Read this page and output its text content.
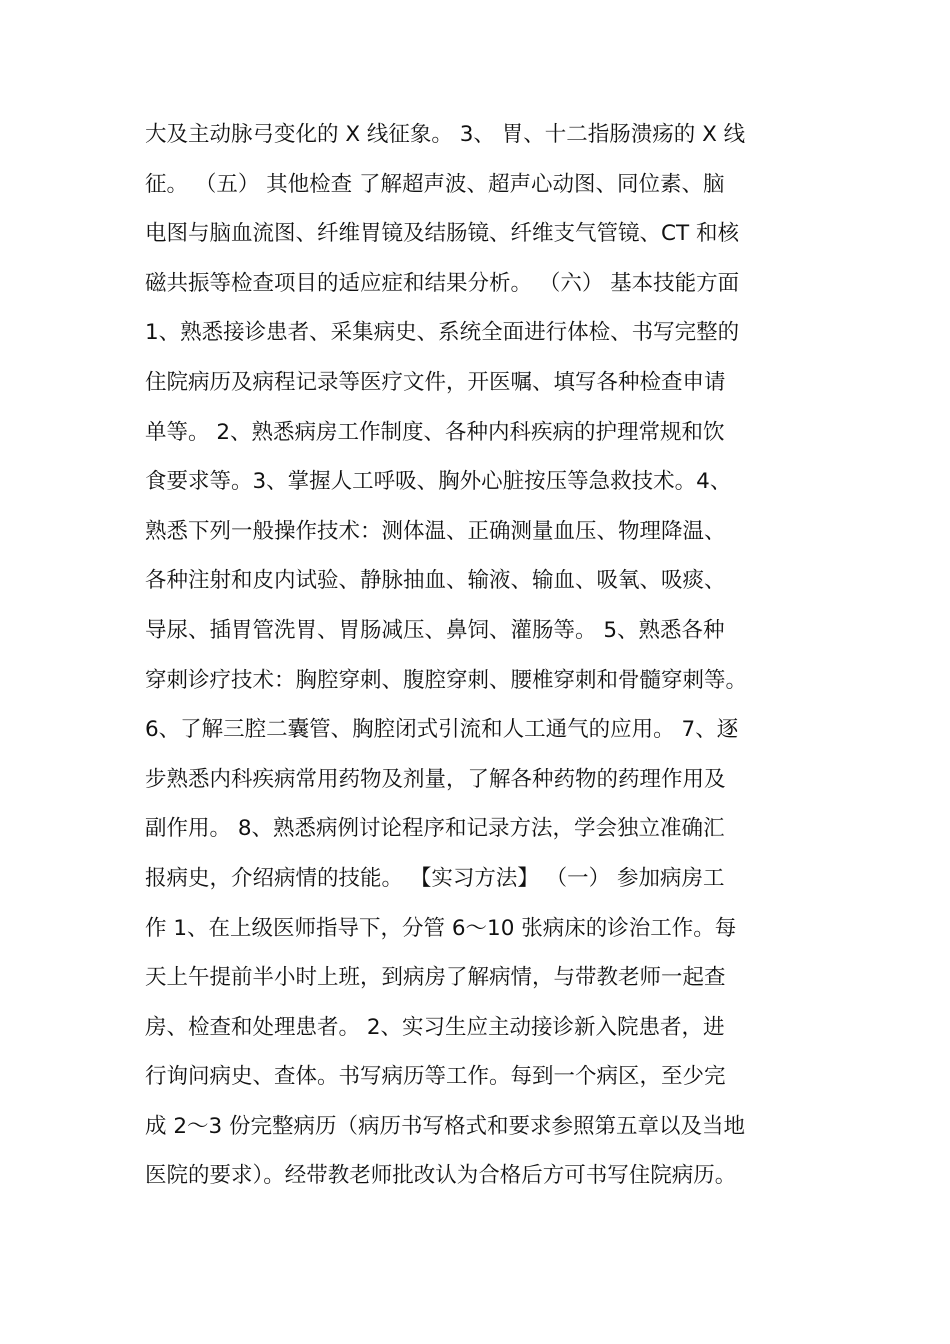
大及主动脉弓变化的 X 线征象。 3、 胃、十二指肠溃疡的 X 线
征。 （五） 其他检查 了解超声波、超声心动图、同位素、脑
电图与脑血流图、纤维胃镜及结肠镜、纤维支气管镜、CT 和核
磁共振等检查项目的适应症和结果分析。 （六） 基本技能方面
1、熟悉接诊患者、采集病史、系统全面进行体检、书写完整的
住院病历及病程记录等医疗文件，开医嘱、填写各种检查申请
单等。 2、熟悉病房工作制度、各种内科疾病的护理常规和饮
食要求等。3、掌握人工呼吸、胸外心脏按压等急救技术。4、
熟悉下列一般操作技术：测体温、正确测量血压、物理降温、
各种注射和皮内试验、静脉抽血、输液、输血、吸氧、吸痰、
导尿、插胃管洗胃、胃肠减压、鼻饲、灌肠等。 5、熟悉各种
穿刺诊疗技术：胸腔穿刺、腹腔穿刺、腰椎穿刺和骨髓穿刺等。
6、了解三腔二囊管、胸腔闭式引流和人工通气的应用。 7、逐
步熟悉内科疾病常用药物及剂量，了解各种药物的药理作用及
副作用。 8、熟悉病例讨论程序和记录方法，学会独立准确汇
报病史，介绍病情的技能。 【实习方法】 （一） 参加病房工
作 1、在上级医师指导下，分管 6～10 张病床的诊治工作。每
天上午提前半小时上班，到病房了解病情，与带教老师一起查
房、检查和处理患者。 2、实习生应主动接诊新入院患者，进
行询问病史、查体。书写病历等工作。每到一个病区，至少完
成 2～3 份完整病历（病历书写格式和要求参照第五章以及当地
医院的要求）。经带教老师批改认为合格后方可书写住院病历。
